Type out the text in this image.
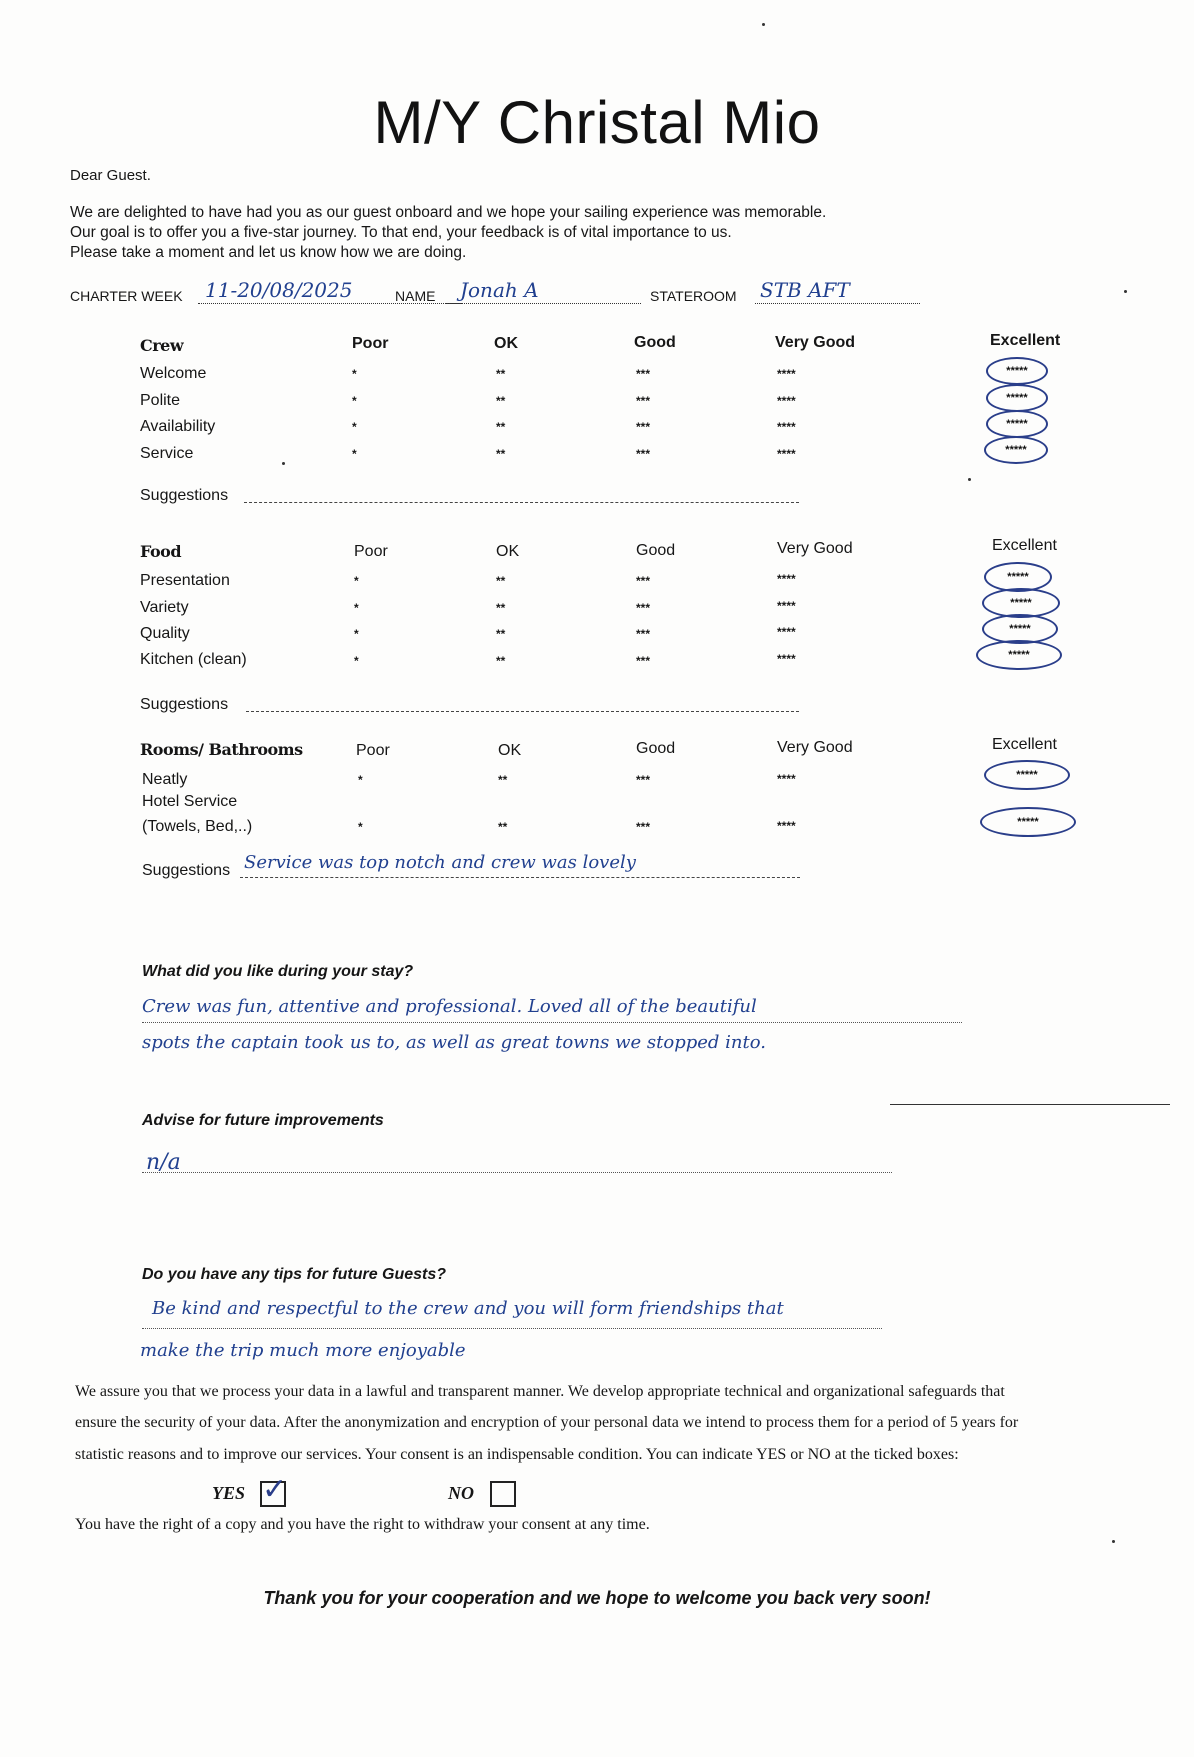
M/Y Christal Mio
Dear Guest.
We are delighted to have had you as our guest onboard and we hope your sailing experience was memorable.
Our goal is to offer you a five-star journey. To that end, your feedback is of vital importance to us.
Please take a moment and let us know how we are doing.
CHARTER WEEK 11-20/08/2025	NAME Jonah A	STATEROOM STB AFT
Crew	Poor	OK	Good	Very Good	Excellent
Welcome	*	**	***	****	*****
Polite	*	**	***	****	*****
Availability	*	**	***	****	*****
Service	*	**	***	****	*****
Suggestions
Food	Poor	OK	Good	Very Good	Excellent
Presentation	*	**	***	****	*****
Variety	*	**	***	****	*****
Quality	*	**	***	****	*****
Kitchen (clean)	*	**	***	****	*****
Suggestions
Rooms/ Bathrooms	Poor	OK	Good	Very Good	Excellent
Neatly	*	**	***	****	*****
Hotel Service
(Towels, Bed,..)	*	**	***	****	*****
Suggestions Service was top notch and crew was lovely
What did you like during your stay?
Crew was fun, attentive and professional. Loved all of the beautiful
spots the captain took us to, as well as great towns we stopped into.
Advise for future improvements
n/a
Do you have any tips for future Guests?
Be kind and respectful to the crew and you will form friendships that
make the trip much more enjoyable
We assure you that we process your data in a lawful and transparent manner. We develop appropriate technical and organizational safeguards that
ensure the security of your data. After the anonymization and encryption of your personal data we intend to process them for a period of 5 years for
statistic reasons and to improve our services. Your consent is an indispensable condition. You can indicate YES or NO at the ticked boxes:
YES ✓	NO
You have the right of a copy and you have the right to withdraw your consent at any time.
Thank you for your cooperation and we hope to welcome you back very soon!
